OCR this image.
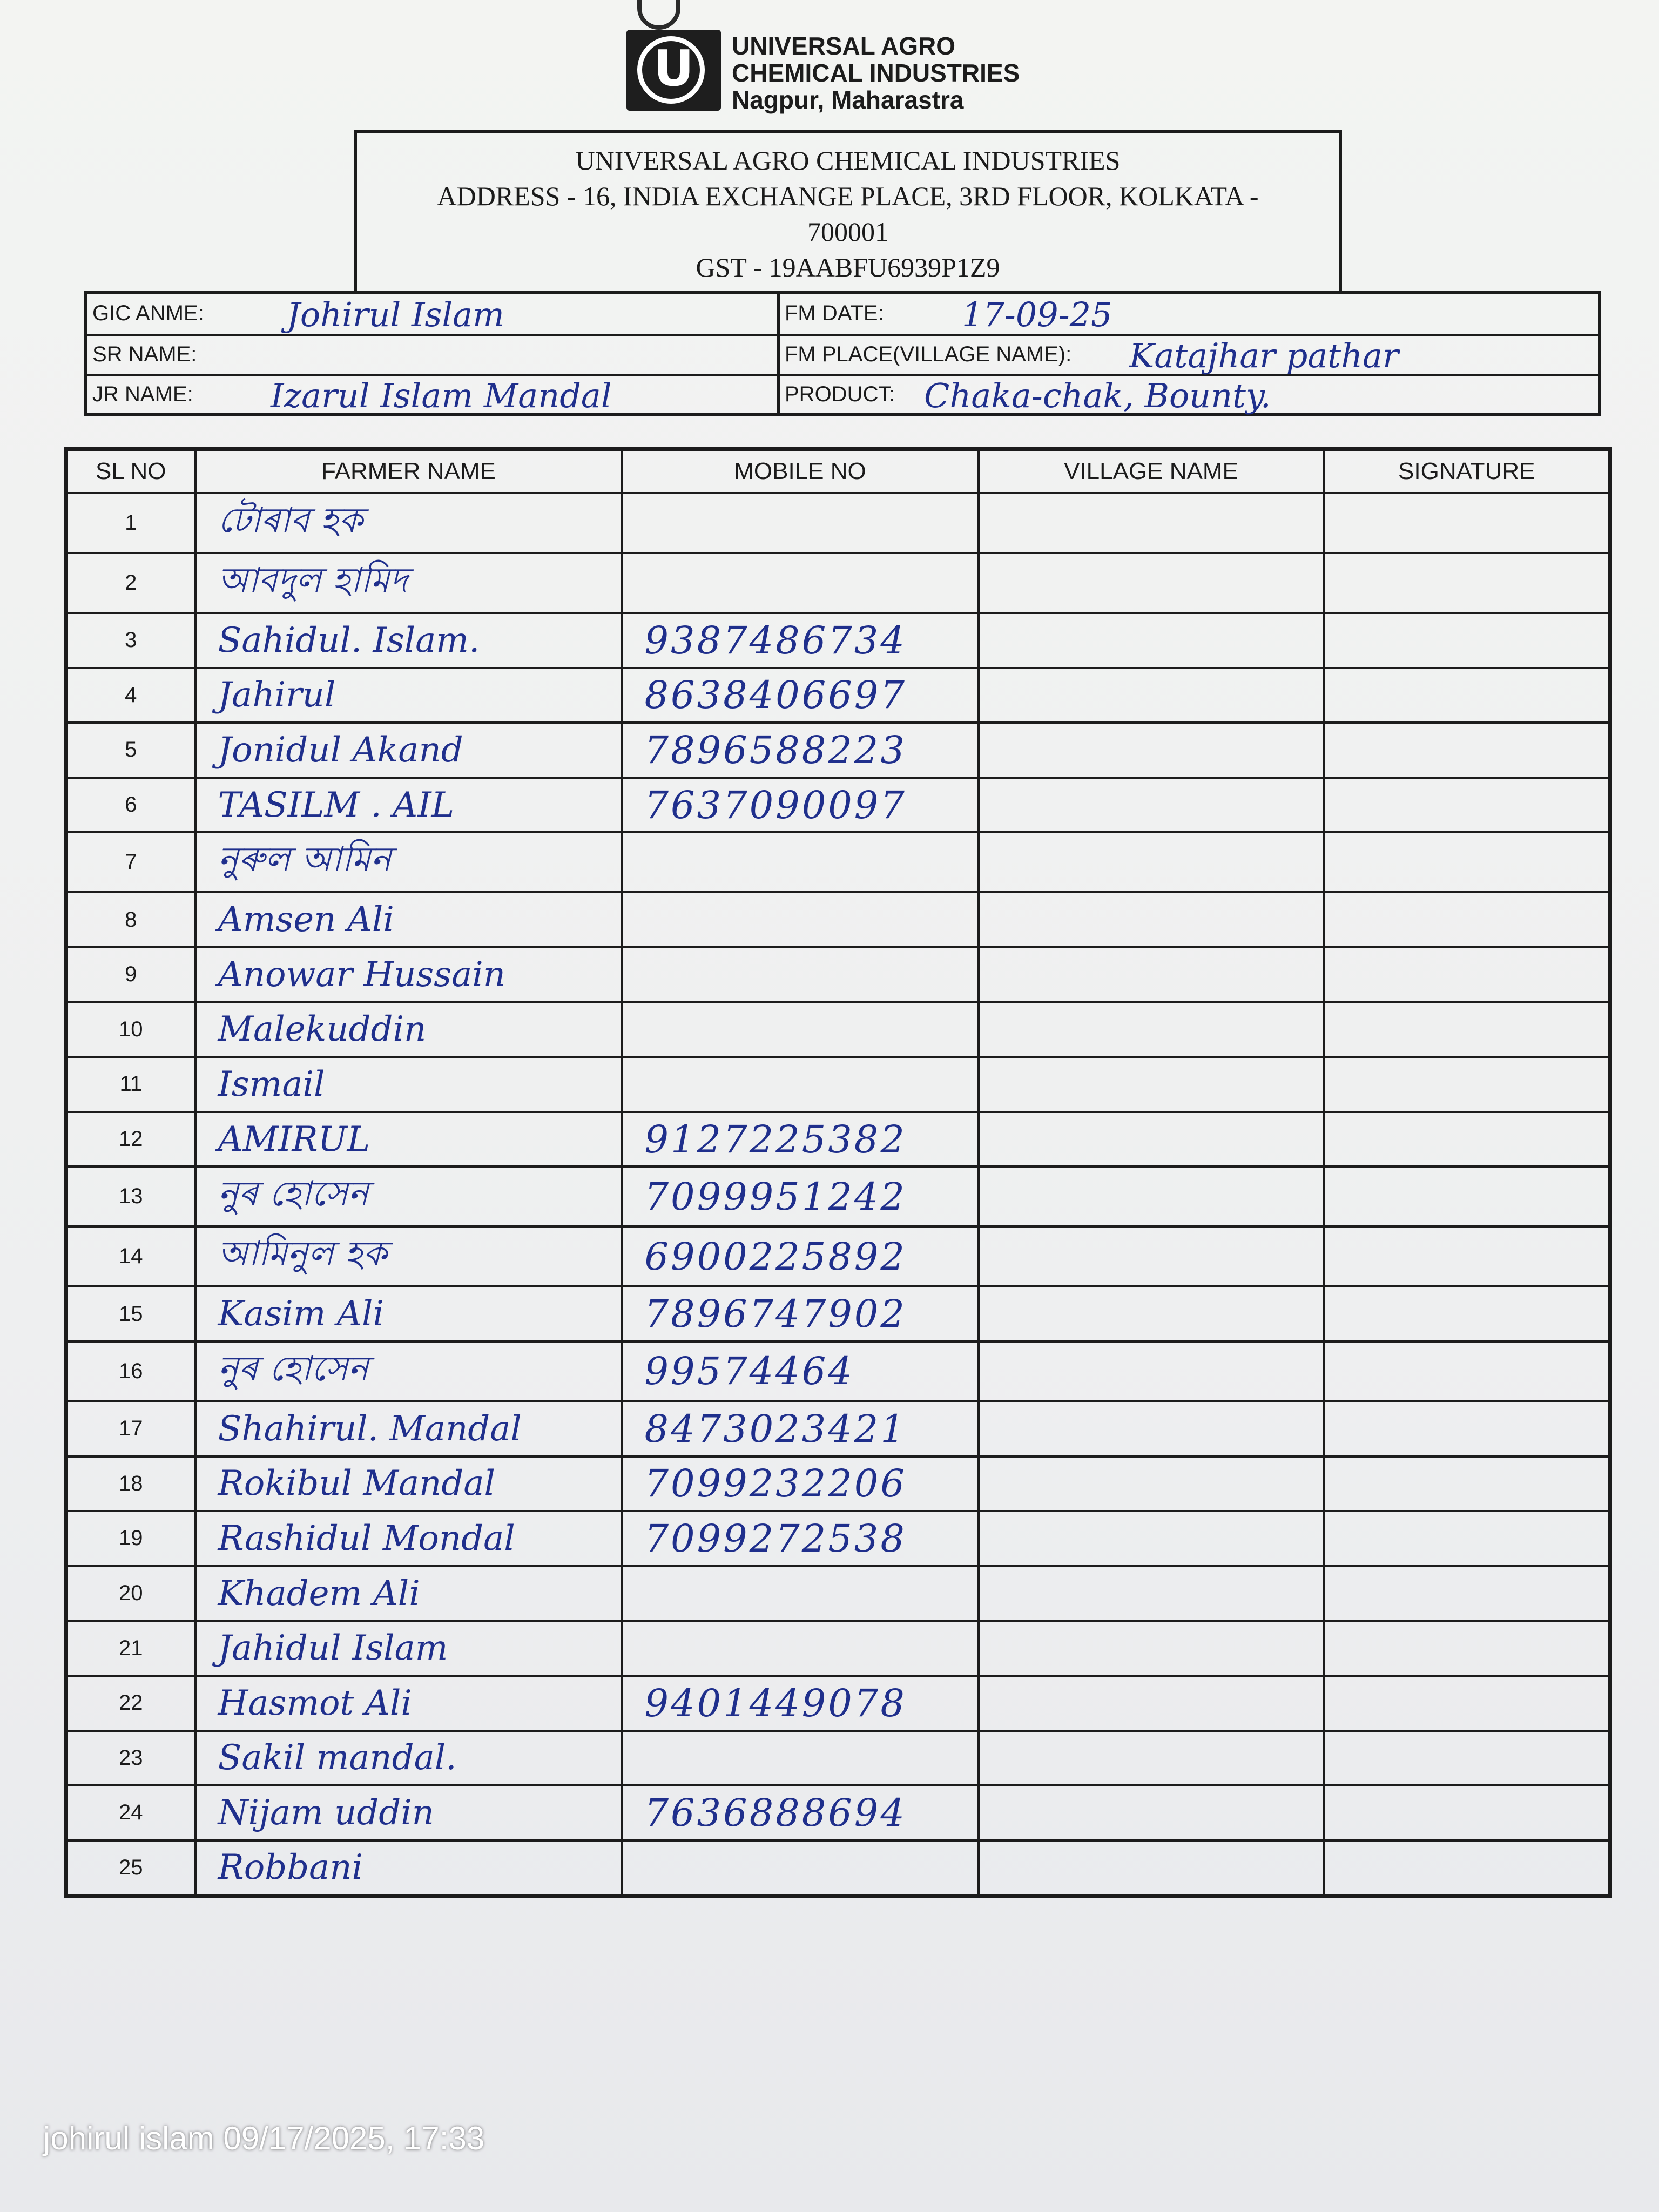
U	UNIVERSAL AGRO
CHEMICAL INDUSTRIES
Nagpur, Maharastra
UNIVERSAL AGRO CHEMICAL INDUSTRIES
ADDRESS - 16, INDIA EXCHANGE PLACE, 3RD FLOOR, KOLKATA -
700001
GST - 19AABFU6939P1Z9
GIC ANME: Johirul Islam	FM DATE: 17-09-25
SR NAME:	FM PLACE(VILLAGE NAME): Katajhar pathar
JR NAME: Izarul Islam Mandal	PRODUCT: Chaka-chak, Bounty.
SL NO	FARMER NAME	MOBILE NO	VILLAGE NAME	SIGNATURE
1	টোৰাব হক			
2	আবদুল হামিদ			
3	Sahidul. Islam.	9387486734		
4	Jahirul	8638406697		
5	Jonidul Akand	7896588223		
6	TASILM . AIL	7637090097		
7	নুৰুল আমিন			
8	Amsen Ali			
9	Anowar Hussain			
10	Malekuddin			
11	Ismail			
12	AMIRUL	9127225382		
13	নুৰ হোসেন	7099951242		
14	আমিনুল হক	6900225892		
15	Kasim Ali	7896747902		
16	নুৰ হোসেন	99574464		
17	Shahirul. Mandal	8473023421		
18	Rokibul Mandal	7099232206		
19	Rashidul Mondal	7099272538		
20	Khadem Ali			
21	Jahidul Islam			
22	Hasmot Ali	9401449078		
23	Sakil mandal.			
24	Nijam uddin	7636888694		
25	Robbani			
johirul islam 09/17/2025, 17:33
